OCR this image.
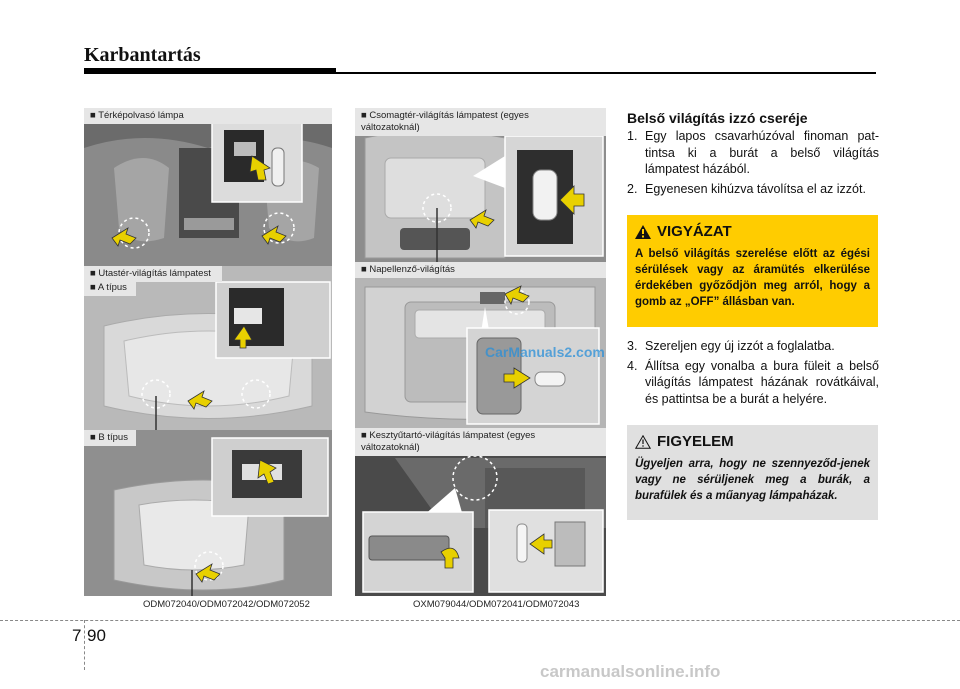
Karbantartás
■ Térképolvasó lámpa
■ Utastér-világítás lámpatest
■ A típus
■ B típus
ODM072040/ODM072042/ODM072052
■ Csomagtér-világítás lámpatest (egyes változatoknál)
■ Napellenző-világítás
■ Kesztyűtartó-világítás lámpatest (egyes változatoknál)
CarManuals2.com
OXM079044/ODM072041/ODM072043
Belső világítás izzó cseréje
1. Egy lapos csavarhúzóval finoman pat-tintsa ki a burát a belső világítás lámpatest házából.
2. Egyenesen kihúzva távolítsa el az izzót.
VIGYÁZAT
A belső világítás szerelése előtt az égési sérülések vagy az áramütés elkerülése érdekében győződjön meg arról, hogy a gomb az „OFF” állásban van.
3. Szereljen egy új izzót a foglalatba.
4. Állítsa egy vonalba a bura füleit a belső világítás lámpatest házának rovátkáival, és pattintsa be a burát a helyére.
FIGYELEM
Ügyeljen arra, hogy ne szennyeződ-jenek vagy ne sérüljenek meg a burák, a burafülek és a műanyag lámpaházak.
7 90
carmanualsonline.info
